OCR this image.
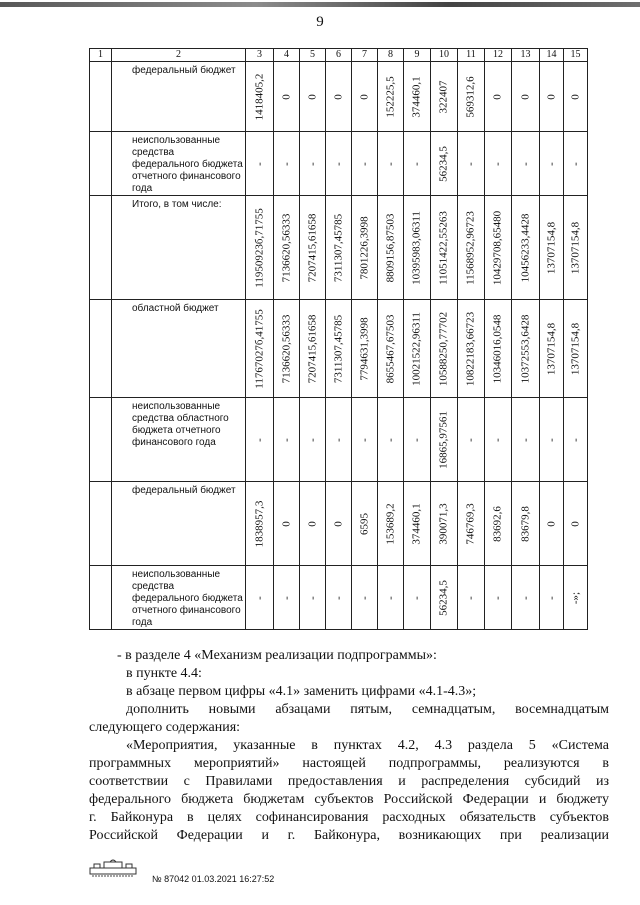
9
1	2	3	4	5	6	7	8	9	10	11	12	13	14	15
	федеральный бюджет	1418405,2	0	0	0	0	152225,5	374460,1	322407	569312,6	0	0	0	0

	неиспользованные средства федерального бюджета отчетного финансового года	-	-	-	-	-	-	-	56234,5	-	-	-	-	-

	Итого, в том числе:	11950923б,71755	7136620,56333	7207415,61658	7311307,45785	7801226,3998	8809156,87503	10395983,06311	11051422,55263	11568952,96723	10429708,65480	10456233,4428	13707154,8	13707154,8

	областной бюджет	11767027б,41755	7136620,56333	7207415,61658	7311307,45785	7794631,3998	8655467,67503	10021522,96311	10588250,77702	10822183,66723	10346016,0548	10372553,6428	13707154,8	13707154,8

	неиспользованные средства областного бюджета отчетного финансового года	-	-	-	-	-	-	-	16865,97561	-	-	-	-	-

	федеральный бюджет	1838957,3	0	0	0	6595	153689,2	374460,1	390071,3	746769,3	83692,6	83679,8	0	0

	неиспользованные средства федерального бюджета отчетного финансового года	-	-	-	-	-	-	-	56234,5	-	-	-	-	-»;

- в разделе 4 «Механизм реализации подпрограммы»:

в пункте 4.4:

в абзаце первом цифры «4.1» заменить цифрами «4.1-4.3»;

дополнить новыми абзацами пятым, семнадцатым, восемнадцатым

следующего содержания:

«Мероприятия, указанные в пунктах 4.2, 4.3 раздела 5 «Система

программных мероприятий» настоящей подпрограммы, реализуются в

соответствии с Правилами предоставления и распределения субсидий из

федерального бюджета бюджетам субъектов Российской Федерации и бюджету

г. Байконура в целях софинансирования расходных обязательств субъектов

Российской Федерации и г. Байконура, возникающих при реализации

№ 87042 01.03.2021 16:27:52
